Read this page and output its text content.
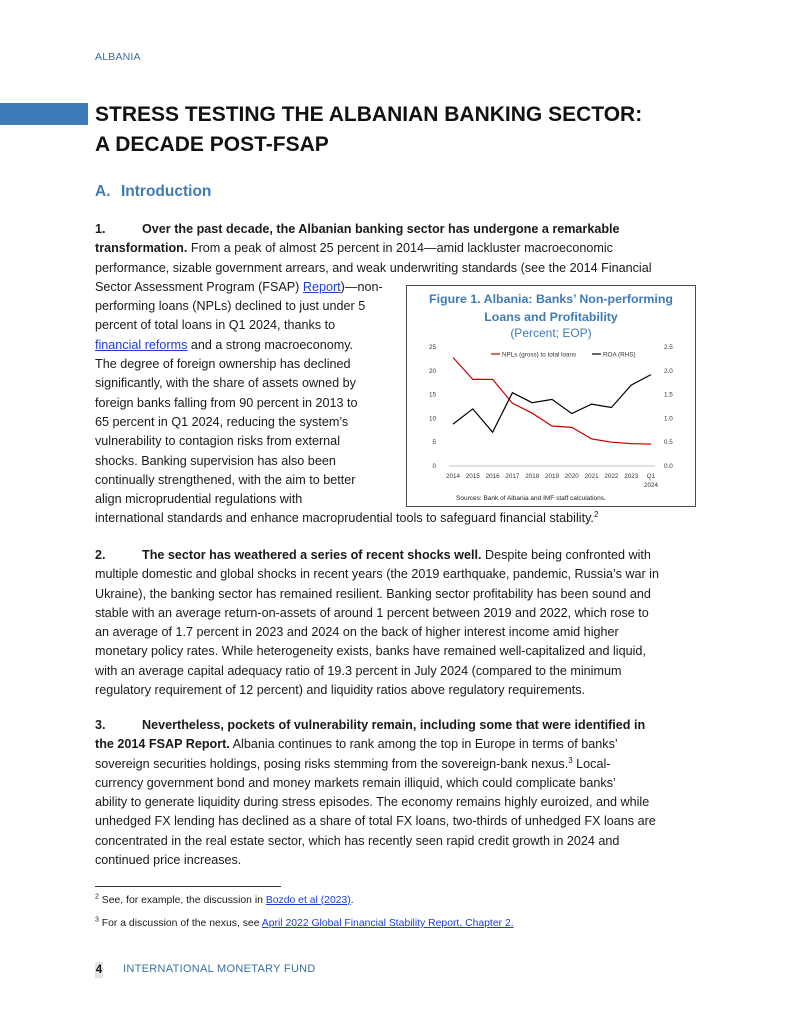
ALBANIA
STRESS TESTING THE ALBANIAN BANKING SECTOR:
A DECADE POST-FSAP
A. Introduction
1.	Over the past decade, the Albanian banking sector has undergone a remarkable
transformation. From a peak of almost 25 percent in 2014—amid lackluster macroeconomic
performance, sizable government arrears, and weak underwriting standards (see the 2014 Financial
Sector Assessment Program (FSAP) Report)—non-
performing loans (NPLs) declined to just under 5
percent of total loans in Q1 2024, thanks to
financial reforms and a strong macroeconomy.
The degree of foreign ownership has declined
significantly, with the share of assets owned by
foreign banks falling from 90 percent in 2013 to
65 percent in Q1 2024, reducing the system’s
vulnerability to contagion risks from external
shocks. Banking supervision has also been
continually strengthened, with the aim to better
align microprudential regulations with
international standards and enhance macroprudential tools to safeguard financial stability.$^2$
0
5
10
15
20
25
0.0
0.5
1.0
1.5
2.0
2.5
2014 2015 2016 2017 2018 2019 2020 2021 2022 2023 Q1
2024
NPLs (gross) to total loans	ROA (RHS)
Figure 1. Albania: Banks’ Non-performing
Loans and Profitability
(Percent; EOP)
Sources: Bank of Albania and IMF staff calculations.
2.	The sector has weathered a series of recent shocks well. Despite being confronted with
multiple domestic and global shocks in recent years (the 2019 earthquake, pandemic, Russia’s war in
Ukraine), the banking sector has remained resilient. Banking sector profitability has been sound and
stable with an average return-on-assets of around 1 percent between 2019 and 2022, which rose to
an average of 1.7 percent in 2023 and 2024 on the back of higher interest income amid higher
monetary policy rates. While heterogeneity exists, banks have remained well-capitalized and liquid,
with an average capital adequacy ratio of 19.3 percent in July 2024 (compared to the minimum
regulatory requirement of 12 percent) and liquidity ratios above regulatory requirements.
3.	Nevertheless, pockets of vulnerability remain, including some that were identified in
the 2014 FSAP Report. Albania continues to rank among the top in Europe in terms of banks’
sovereign securities holdings, posing risks stemming from the sovereign-bank nexus.$^3$ Local-
currency government bond and money markets remain illiquid, which could complicate banks’
ability to generate liquidity during stress episodes. The economy remains highly euroized, and while
unhedged FX lending has declined as a share of total FX loans, two-thirds of unhedged FX loans are
concentrated in the real estate sector, which has recently seen rapid credit growth in 2024 and
continued price increases.
$^2$ See, for example, the discussion in Bozdo et al (2023).
$^3$ For a discussion of the nexus, see April 2022 Global Financial Stability Report, Chapter 2.
4 INTERNATIONAL MONETARY FUND
